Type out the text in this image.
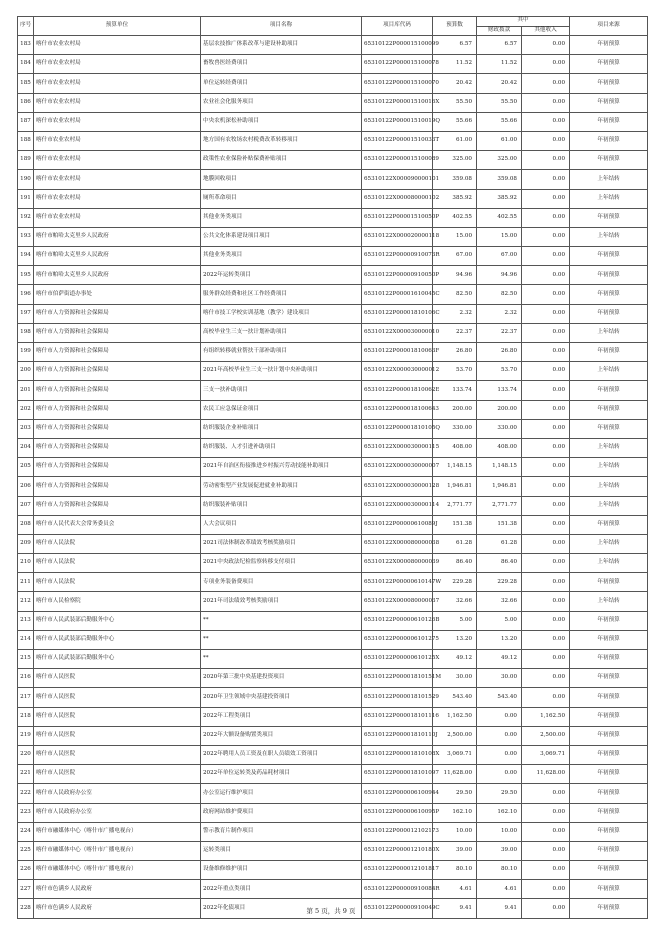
序号	预算单位	项目名称	项目库代码	预算数	其中		项目来源
					财政拨款	其他收入	
183	喀什市农业农村局	基层农技推广体系改革与建设补助项目	65310122P000015100099	6.57	6.57	0.00	年初预算
184	喀什市农业农村局	畜牧兽医经费项目	65310122P000015100078	11.52	11.52	0.00	年初预算
185	喀什市农业农村局	单位运转经费项目	65310122P000015100070	20.42	20.42	0.00	年初预算
186	喀什市农业农村局	农业社会化服务项目	65310122P00001510016X	55.50	55.50	0.00	年初预算
187	喀什市农业农村局	中央农机深松补助项目	65310122P00001510019Q	55.66	55.66	0.00	年初预算
188	喀什市农业农村局	地方国有农牧场农村税费改革转移项目	65310122P00001510033T	61.00	61.00	0.00	年初预算
189	喀什市农业农村局	政策性农业保险补贴保费补贴项目	65310122P000015100089	325.00	325.00	0.00	年初预算
190	喀什市农业农村局	地膜回收项目	65310122X000090000101	359.08	359.08	0.00	上年结转
191	喀什市农业农村局	厕所革命项目	65310122X000080000102	385.92	385.92	0.00	上年结转
192	喀什市农业农村局	其他业务类项目	65310122P00001510050P	402.55	402.55	0.00	年初预算
193	喀什市帕哈太克里乡人民政府	公共文化体系建设项目项目	65310122X000020000118	15.00	15.00	0.00	上年结转
194	喀什市帕哈太克里乡人民政府	其他业务类项目	65310122P00000910073R	67.00	67.00	0.00	年初预算
195	喀什市帕哈太克里乡人民政府	2022年运转类项目	65310122P00000910050P	94.96	94.96	0.00	年初预算
196	喀什市伯萨街道办事处	服务群众经费和社区工作经费项目	65310122P00001610045C	82.50	82.50	0.00	年初预算
197	喀什市人力资源和社会保障局	喀什市技工学校实训基地（教学）建设项目	65310122P00001810106C	2.32	2.32	0.00	年初预算
198	喀什市人力资源和社会保障局	高校毕业生三支一扶计划补助项目	65310122X000030000010	22.37	22.37	0.00	上年结转
199	喀什市人力资源和社会保障局	有组织转移就业帮扶干部补助项目	65310122P00001810063F	26.80	26.80	0.00	年初预算
200	喀什市人力资源和社会保障局	2021年高校毕业生三支一扶计划中央补助项目	65310122X000030000012	53.70	53.70	0.00	上年结转
201	喀什市人力资源和社会保障局	三支一扶补助项目	65310122P00001810062E	133.74	133.74	0.00	年初预算
202	喀什市人力资源和社会保障局	农民工应急保证金项目	65310122P000018100643	200.00	200.00	0.00	年初预算
203	喀什市人力资源和社会保障局	纺织服装企业补贴项目	65310122P00001810105Q	330.00	330.00	0.00	年初预算
204	喀什市人力资源和社会保障局	纺织服装、人才引进补助项目	65310122X000030000115	408.00	408.00	0.00	上年结转
205	喀什市人力资源和社会保障局	2021年自治区衔接推进乡村振兴劳动技能补助项目	65310122X000030000007	1,148.15	1,148.15	0.00	上年结转
206	喀什市人力资源和社会保障局	劳动密集型产业发展促进就业补助项目	65310122X000030000128	1,946.81	1,946.81	0.00	上年结转
207	喀什市人力资源和社会保障局	纺织服装补贴项目	65310122X000030000114	2,771.77	2,771.77	0.00	上年结转
208	喀什市人民代表大会常务委员会	人大会议项目	65310122P00000610089J	151.38	151.38	0.00	年初预算
209	喀什市人民法院	2021司法体制改革绩效考核奖励项目	65310122X000080000038	61.28	61.28	0.00	上年结转
210	喀什市人民法院	2021中央政法纪检监察转移支付项目	65310122X000080000039	86.40	86.40	0.00	上年结转
211	喀什市人民法院	专项业务装备费项目	65310122P00000610147W	229.28	229.28	0.00	年初预算
212	喀什市人民检察院	2021年司法绩效考核奖励项目	65310122X000080000037	32.66	32.66	0.00	上年结转
213	喀什市人民武装部后勤服务中心	**	65310122P00000610126B	5.00	5.00	0.00	年初预算
214	喀什市人民武装部后勤服务中心	**	65310122P000006101275	13.20	13.20	0.00	年初预算
215	喀什市人民武装部后勤服务中心	**	65310122P00000610125X	49.12	49.12	0.00	年初预算
216	喀什市人民医院	2020年第三批中央基建投资项目	65310122P00001810151M	30.00	30.00	0.00	年初预算
217	喀什市人民医院	2020年卫生领域中央基建投资项目	65310122P000018101529	543.40	543.40	0.00	年初预算
218	喀什市人民医院	2022年工程类项目	65310122P000018101116	1,162.50	0.00	1,162.50	年初预算
219	喀什市人民医院	2022年大额设备购置类项目	65310122P00001810110J	2,500.00	0.00	2,500.00	年初预算
220	喀什市人民医院	2022年聘用人员工资及在职人员绩效工资项目	65310122P00001810108X	3,069.71	0.00	3,069.71	年初预算
221	喀什市人民医院	2022年单位运转类及药品耗材项目	65310122P000018101097	11,628.00	0.00	11,628.00	年初预算
222	喀什市人民政府办公室	办公室运行维护项目	65310122P000006100944	29.50	29.50	0.00	年初预算
223	喀什市人民政府办公室	政府网站维护费项目	65310122P00000610095P	162.10	162.10	0.00	年初预算
224	喀什市融媒体中心（喀什市广播电视台）	警示教育片制作项目	65310122P000012102173	10.00	10.00	0.00	年初预算
225	喀什市融媒体中心（喀什市广播电视台）	运转类项目	65310122P00001210180X	39.00	39.00	0.00	年初预算
226	喀什市融媒体中心（喀什市广播电视台）	设备维修维护项目	65310122P000012101817	80.10	80.10	0.00	年初预算
227	喀什市色满乡人民政府	2022年重点类项目	65310122P00000910084R	4.61	4.61	0.00	年初预算
228	喀什市色满乡人民政府	2022年化债项目	65310122P00000910049C	9.41	9.41	0.00	年初预算
第 5 页，共 9 页
